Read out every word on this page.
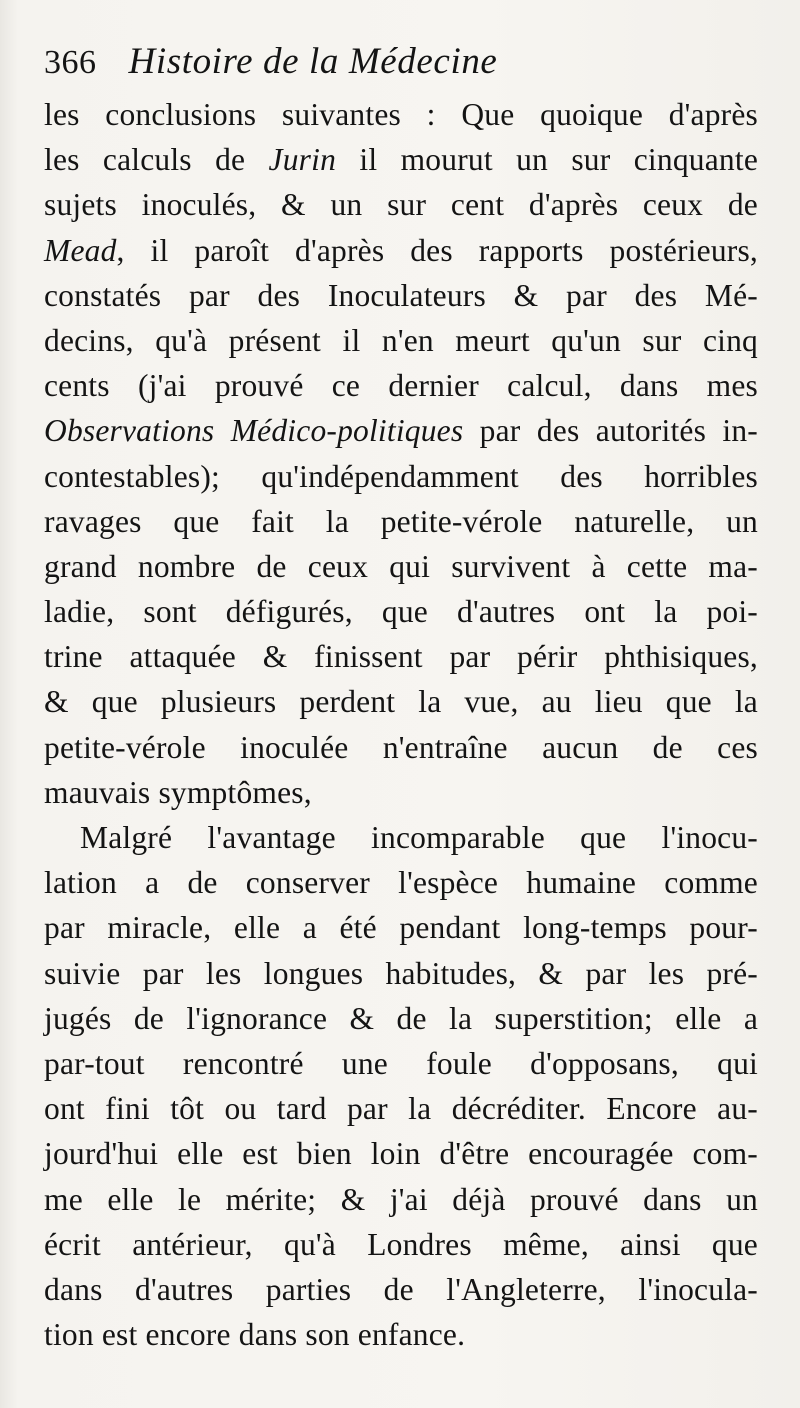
366 Histoire de la Médecine
les conclusions suivantes : Que quoique d'après
les calculs de Jurin il mourut un sur cinquante
sujets inoculés, & un sur cent d'après ceux de
Mead, il paroît d'après des rapports postérieurs,
constatés par des Inoculateurs & par des Mé-
decins, qu'à présent il n'en meurt qu'un sur cinq
cents (j'ai prouvé ce dernier calcul, dans mes
Observations Médico-politiques par des autorités in-
contestables); qu'indépendamment des horribles
ravages que fait la petite-vérole naturelle, un
grand nombre de ceux qui survivent à cette ma-
ladie, sont défigurés, que d'autres ont la poi-
trine attaquée & finissent par périr phthisiques,
& que plusieurs perdent la vue, au lieu que la
petite-vérole inoculée n'entraîne aucun de ces
mauvais symptômes,
Malgré l'avantage incomparable que l'inocu-
lation a de conserver l'espèce humaine comme
par miracle, elle a été pendant long-temps pour-
suivie par les longues habitudes, & par les pré-
jugés de l'ignorance & de la superstition; elle a
par-tout rencontré une foule d'opposans, qui
ont fini tôt ou tard par la décréditer. Encore au-
jourd'hui elle est bien loin d'être encouragée com-
me elle le mérite; & j'ai déjà prouvé dans un
écrit antérieur, qu'à Londres même, ainsi que
dans d'autres parties de l'Angleterre, l'inocula-
tion est encore dans son enfance.
